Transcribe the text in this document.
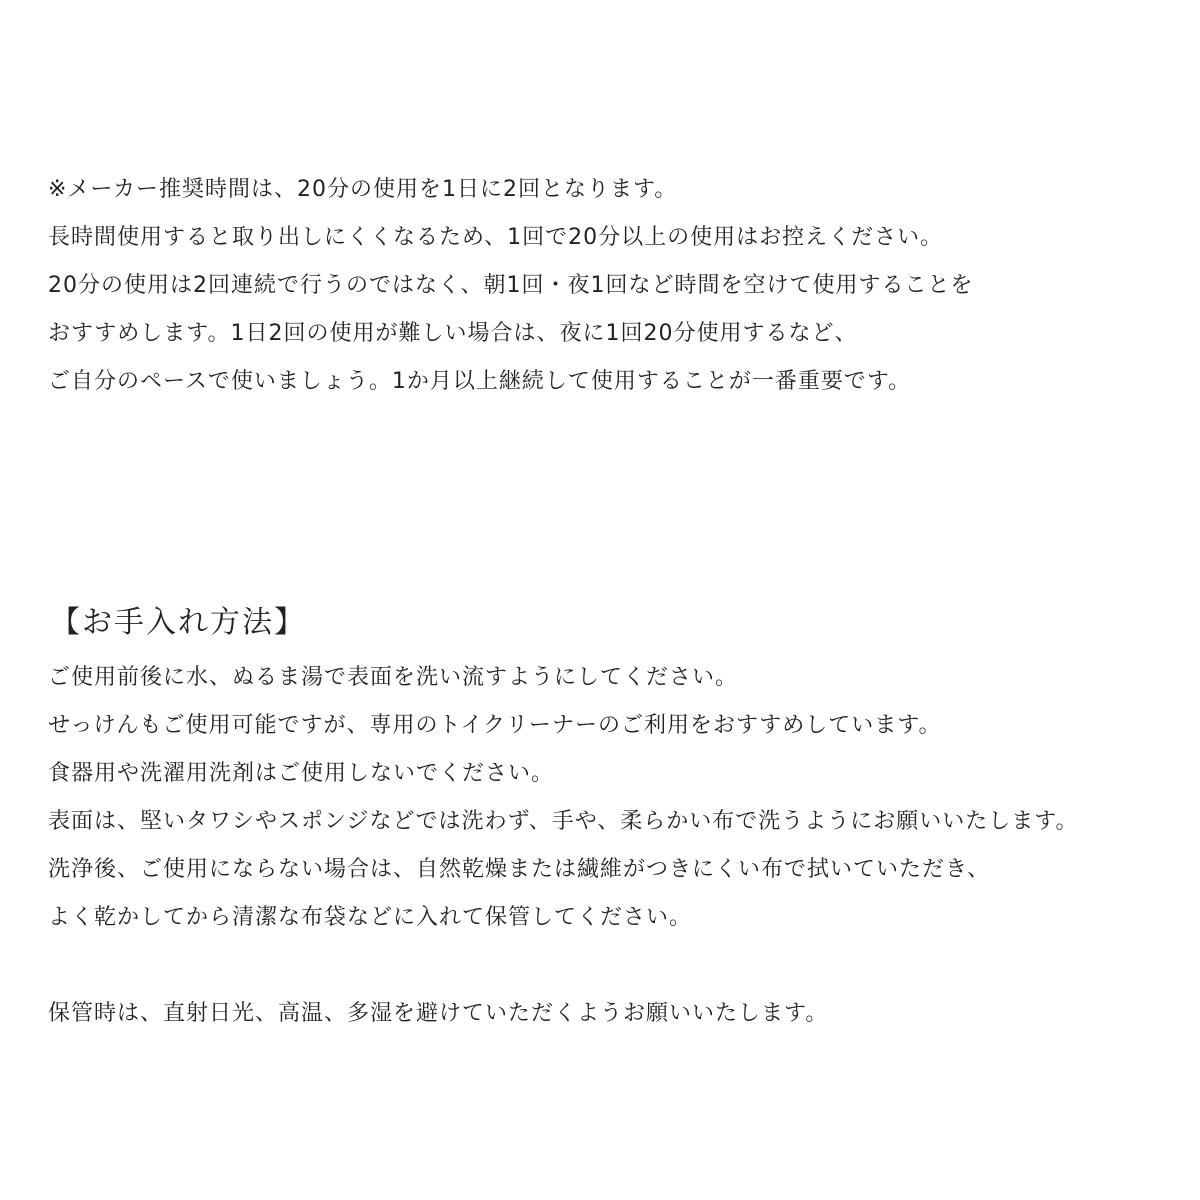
※メーカー推奨時間は、20分の使用を1日に2回となります。
長時間使用すると取り出しにくくなるため、1回で20分以上の使用はお控えください。
20分の使用は2回連続で行うのではなく、朝1回・夜1回など時間を空けて使用することを
おすすめします。1日2回の使用が難しい場合は、夜に1回20分使用するなど、
ご自分のペースで使いましょう。1か月以上継続して使用することが一番重要です。
【お手入れ方法】
ご使用前後に水、ぬるま湯で表面を洗い流すようにしてください。
せっけんもご使用可能ですが、専用のトイクリーナーのご利用をおすすめしています。
食器用や洗濯用洗剤はご使用しないでください。
表面は、堅いタワシやスポンジなどでは洗わず、手や、柔らかい布で洗うようにお願いいたします。
洗浄後、ご使用にならない場合は、自然乾燥または繊維がつきにくい布で拭いていただき、
よく乾かしてから清潔な布袋などに入れて保管してください。
保管時は、直射日光、高温、多湿を避けていただくようお願いいたします。
